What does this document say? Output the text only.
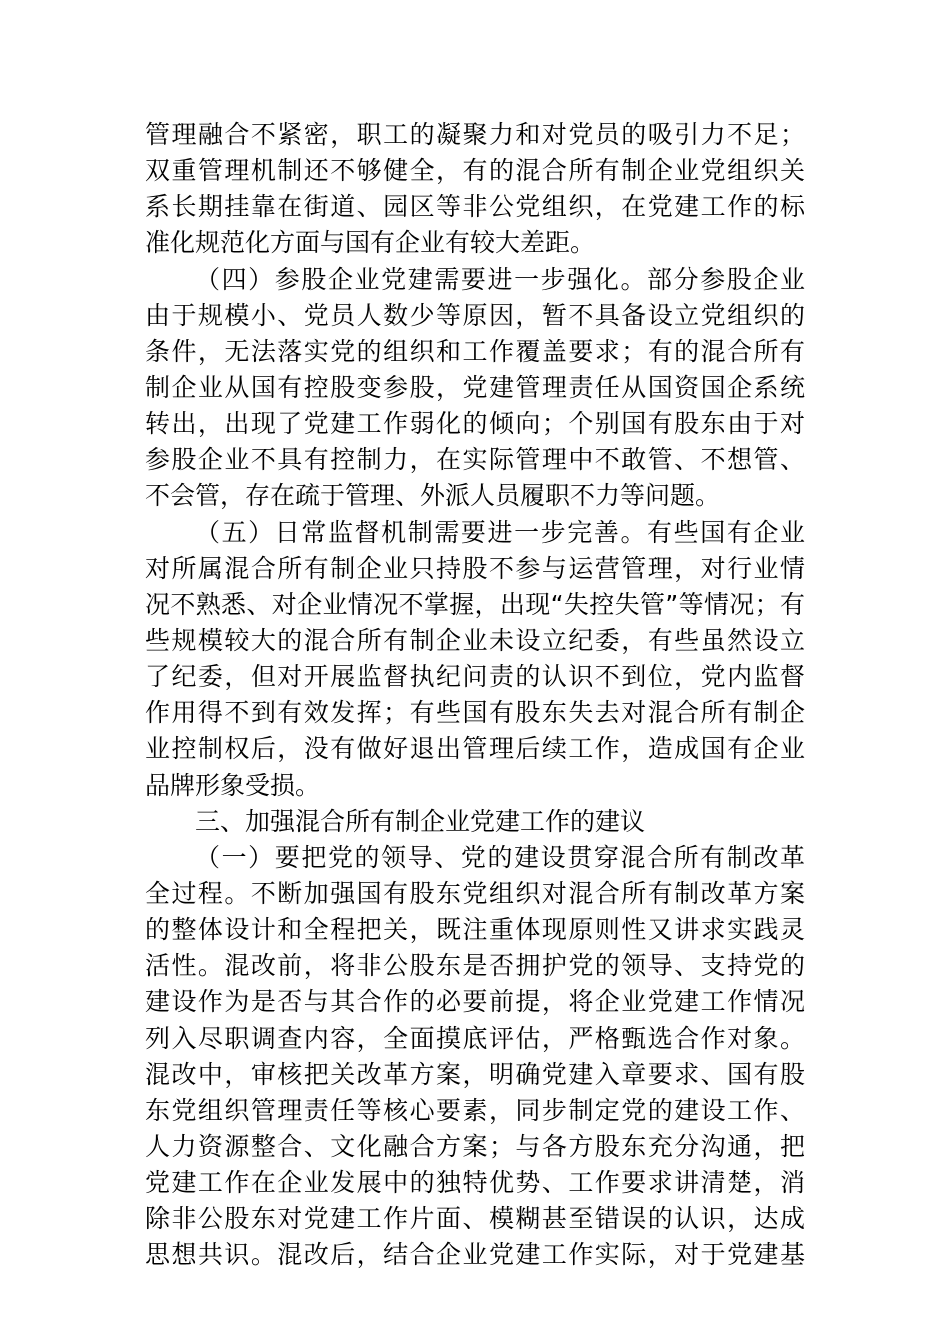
管理融合不紧密，职工的凝聚力和对党员的吸引力不足；
双重管理机制还不够健全，有的混合所有制企业党组织关
系长期挂靠在街道、园区等非公党组织，在党建工作的标
准化规范化方面与国有企业有较大差距。
（四）参股企业党建需要进一步强化。部分参股企业
由于规模小、党员人数少等原因，暂不具备设立党组织的
条件，无法落实党的组织和工作覆盖要求；有的混合所有
制企业从国有控股变参股，党建管理责任从国资国企系统
转出，出现了党建工作弱化的倾向；个别国有股东由于对
参股企业不具有控制力，在实际管理中不敢管、不想管、
不会管，存在疏于管理、外派人员履职不力等问题。
（五）日常监督机制需要进一步完善。有些国有企业
对所属混合所有制企业只持股不参与运营管理，对行业情
况不熟悉、对企业情况不掌握，出现“失控失管”等情况；有
些规模较大的混合所有制企业未设立纪委，有些虽然设立
了纪委，但对开展监督执纪问责的认识不到位，党内监督
作用得不到有效发挥；有些国有股东失去对混合所有制企
业控制权后，没有做好退出管理后续工作，造成国有企业
品牌形象受损。
三、加强混合所有制企业党建工作的建议
（一）要把党的领导、党的建设贯穿混合所有制改革
全过程。不断加强国有股东党组织对混合所有制改革方案
的整体设计和全程把关，既注重体现原则性又讲求实践灵
活性。混改前，将非公股东是否拥护党的领导、支持党的
建设作为是否与其合作的必要前提，将企业党建工作情况
列入尽职调查内容，全面摸底评估，严格甄选合作对象。
混改中，审核把关改革方案，明确党建入章要求、国有股
东党组织管理责任等核心要素，同步制定党的建设工作、
人力资源整合、文化融合方案；与各方股东充分沟通，把
党建工作在企业发展中的独特优势、工作要求讲清楚，消
除非公股东对党建工作片面、模糊甚至错误的认识，达成
思想共识。混改后，结合企业党建工作实际，对于党建基
